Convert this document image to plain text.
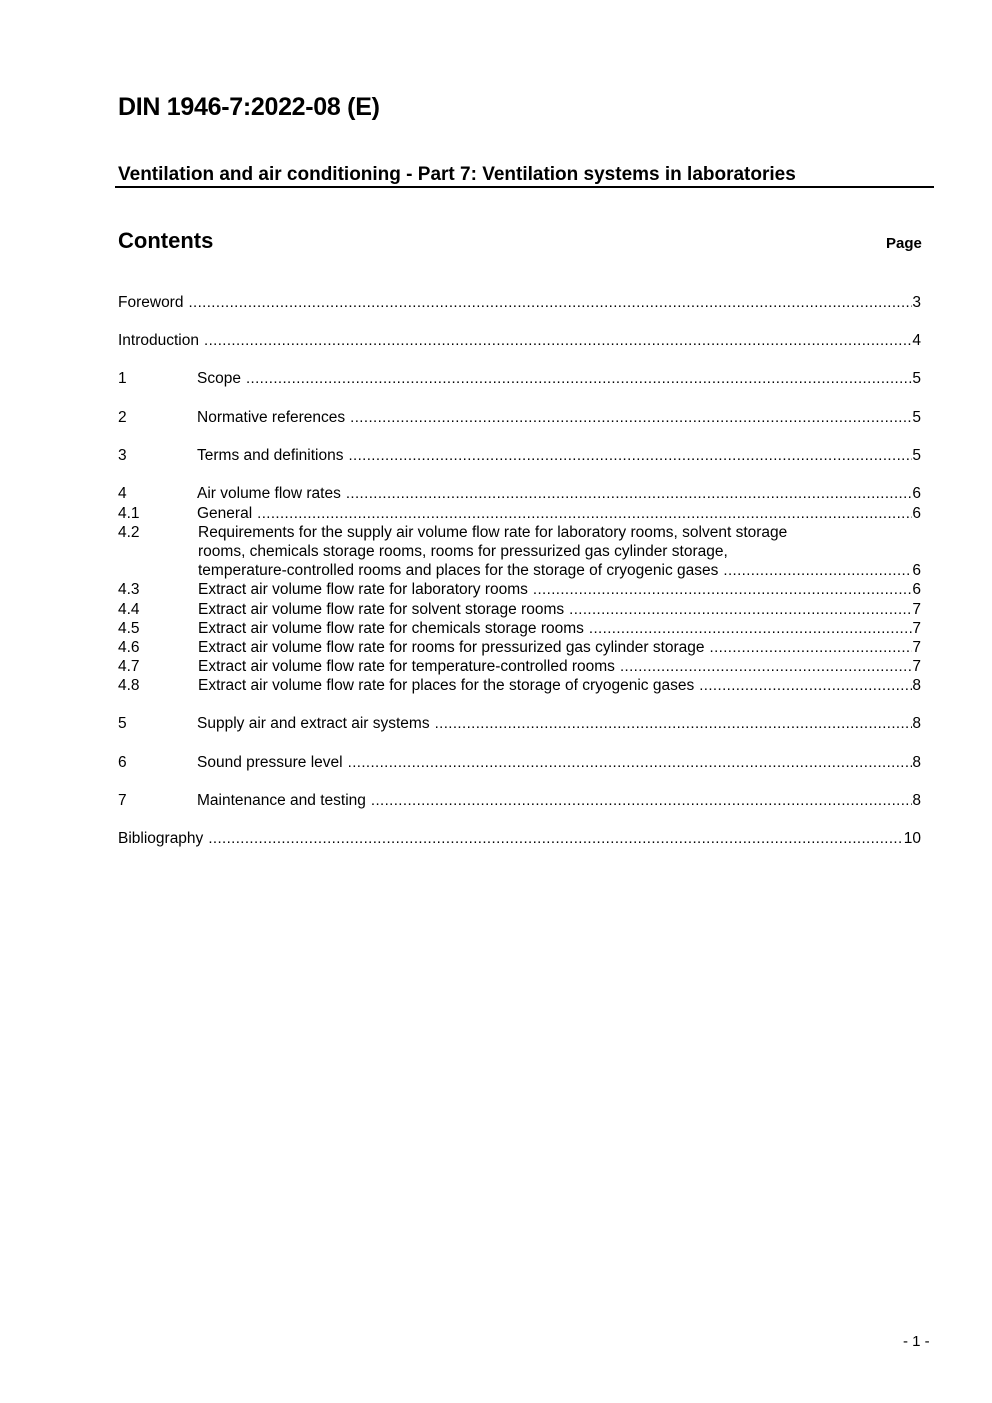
DIN 1946-7:2022-08 (E)
Ventilation and air conditioning - Part 7: Ventilation systems in laboratories
Contents	Page
Foreword .....	3
Introduction .....	4
1	Scope .....	5
2	Normative references .....	5
3	Terms and definitions .....	5
4	Air volume flow rates .....	6
4.1	General .....	6
4.2	Requirements for the supply air volume flow rate for laboratory rooms, solvent storage
rooms, chemicals storage rooms, rooms for pressurized gas cylinder storage,
temperature-controlled rooms and places for the storage of cryogenic gases .....	6
4.3	Extract air volume flow rate for laboratory rooms .....	6
4.4	Extract air volume flow rate for solvent storage rooms .....	7
4.5	Extract air volume flow rate for chemicals storage rooms .....	7
4.6	Extract air volume flow rate for rooms for pressurized gas cylinder storage .....	7
4.7	Extract air volume flow rate for temperature-controlled rooms .....	7
4.8	Extract air volume flow rate for places for the storage of cryogenic gases .....	8
5	Supply air and extract air systems .....	8
6	Sound pressure level .....	8
7	Maintenance and testing .....	8
Bibliography .....	10
- 1 -
